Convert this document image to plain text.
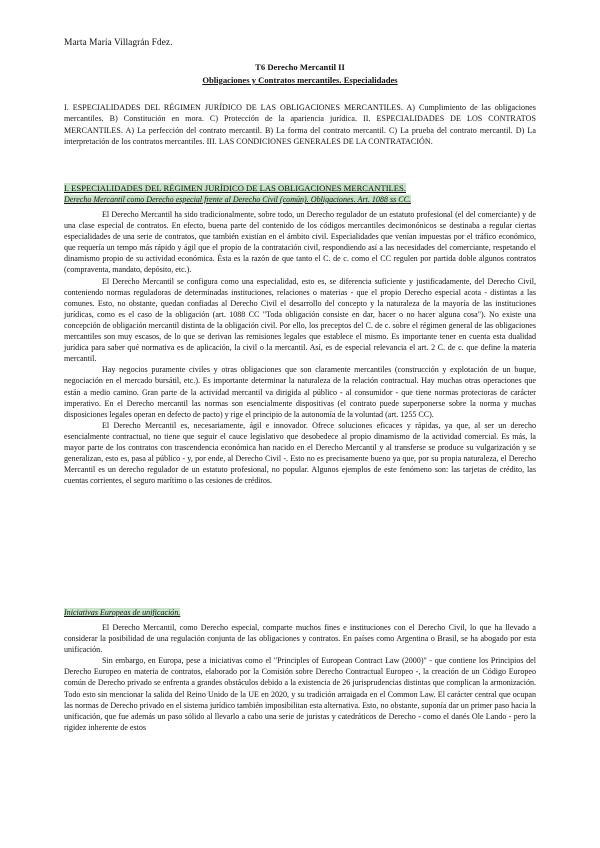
Marta María Villagrán Fdez.
T6 Derecho Mercantil II
Obligaciones y Contratos mercantiles. Especialidades
I. ESPECIALIDADES DEL RÉGIMEN JURÍDICO DE LAS OBLIGACIONES MERCANTILES. A) Cumplimiento de las obligaciones mercantiles. B) Constitución en mora. C) Protección de la apariencia jurídica. II. ESPECIALIDADES DE LOS CONTRATOS MERCANTILES. A) La perfección del contrato mercantil. B) La forma del contrato mercantil. C) La prueba del contrato mercantil. D) La interpretación de los contratos mercantiles. III. LAS CONDICIONES GENERALES DE LA CONTRATACIÓN.
I. ESPECIALIDADES DEL RÉGIMEN JURÍDICO DE LAS OBLIGACIONES MERCANTILES.
Derecho Mercantil como Derecho especial frente al Derecho Civil (común). Obligaciones. Art. 1088 ss CC.

El Derecho Mercantil ha sido tradicionalmente, sobre todo, un Derecho regulador de un estatuto profesional (el del comerciante) y de una clase especial de contratos. En efecto, buena parte del contenido de los códigos mercantiles decimonónicos se destinaba a regular ciertas especialidades de una serie de contratos, que también existían en el ámbito civil. Especialidades que venían impuestas por el tráfico económico, que requería un tempo más rápido y ágil que el propio de la contratación civil, respondiendo así a las necesidades del comerciante, respetando el dinamismo propio de su actividad económica. Ésta es la razón de que tanto el C. de c. como el CC regulen por partida doble algunos contratos (compraventa, mandato, depósito, etc.).

El Derecho Mercantil se configura como una especialidad, esto es, se diferencia suficiente y justificadamente, del Derecho Civil, conteniendo normas reguladoras de determinadas instituciones, relaciones o materias - que el propio Derecho especial acota - distintas a las comunes. Esto, no obstante, quedan confiadas al Derecho Civil el desarrollo del concepto y la naturaleza de la mayoría de las instituciones jurídicas, como es el caso de la obligación (art. 1088 CC "Toda obligación consiste en dar, hacer o no hacer alguna cosa"). No existe una concepción de obligación mercantil distinta de la obligación civil. Por ello, los preceptos del C. de c. sobre el régimen general de las obligaciones mercantiles son muy escasos, de lo que se derivan las remisiones legales que establece el mismo. Es importante tener en cuenta esta dualidad jurídica para saber qué normativa es de aplicación, la civil o la mercantil. Así, es de especial relevancia el art. 2 C. de c. que define la materia mercantil.

Hay negocios puramente civiles y otras obligaciones que son claramente mercantiles (construcción y explotación de un buque, negociación en el mercado bursátil, etc.). Es importante determinar la naturaleza de la relación contractual. Hay muchas otras operaciones que están a medio camino. Gran parte de la actividad mercantil va dirigida al público - al consumidor - que tiene normas protectoras de carácter imperativo. En el Derecho mercantil las normas son esencialmente dispositivas (el contrato puede superponerse sobre la norma y muchas disposiciones legales operan en defecto de pacto) y rige el principio de la autonomía de la voluntad (art. 1255 CC).

El Derecho Mercantil es, necesariamente, ágil e innovador. Ofrece soluciones eficaces y rápidas, ya que, al ser un derecho esencialmente contractual, no tiene que seguir el cauce legislativo que desobedece al propio dinamismo de la actividad comercial. Es más, la mayor parte de los contratos con trascendencia económica han nacido en el Derecho Mercantil y al transferse se produce su vulgarización y se generalizan, esto es, pasa al público - y, por ende, al Derecho Civil -. Esto no es precisamente bueno ya que, por su propia naturaleza, el Derecho Mercantil es un derecho regulador de un estatuto profesional, no popular. Algunos ejemplos de este fenómeno son: las tarjetas de crédito, las cuentas corrientes, el seguro marítimo o las cesiones de créditos.

Iniciativas Europeas de unificación.

El Derecho Mercantil, como Derecho especial, comparte muchos fines e instituciones con el Derecho Civil, lo que ha llevado a considerar la posibilidad de una regulación conjunta de las obligaciones y contratos. En países como Argentina o Brasil, se ha abogado por esta unificación.

Sin embargo, en Europa, pese a iniciativas como el "Principles of European Contract Law (2000)" - que contiene los Principios del Derecho Europeo en materia de contratos, elaborado por la Comisión sobre Derecho Contractual Europeo -, la creación de un Código Europeo común de Derecho privado se enfrenta a grandes obstáculos debido a la existencia de 26 jurisprudencias distintas que complican la armonización. Todo esto sin mencionar la salida del Reino Unido de la UE en 2020, y su tradición arraigada en el Common Law. El carácter central que ocupan las normas de Derecho privado en el sistema jurídico también imposibilitan esta alternativa. Esto, no obstante, suponía dar un primer paso hacia la unificación, que fue además un paso sólido al llevarlo a cabo una serie de juristas y catedráticos de Derecho - como el danés Ole Lando - pero la rigidez inherente de estos
